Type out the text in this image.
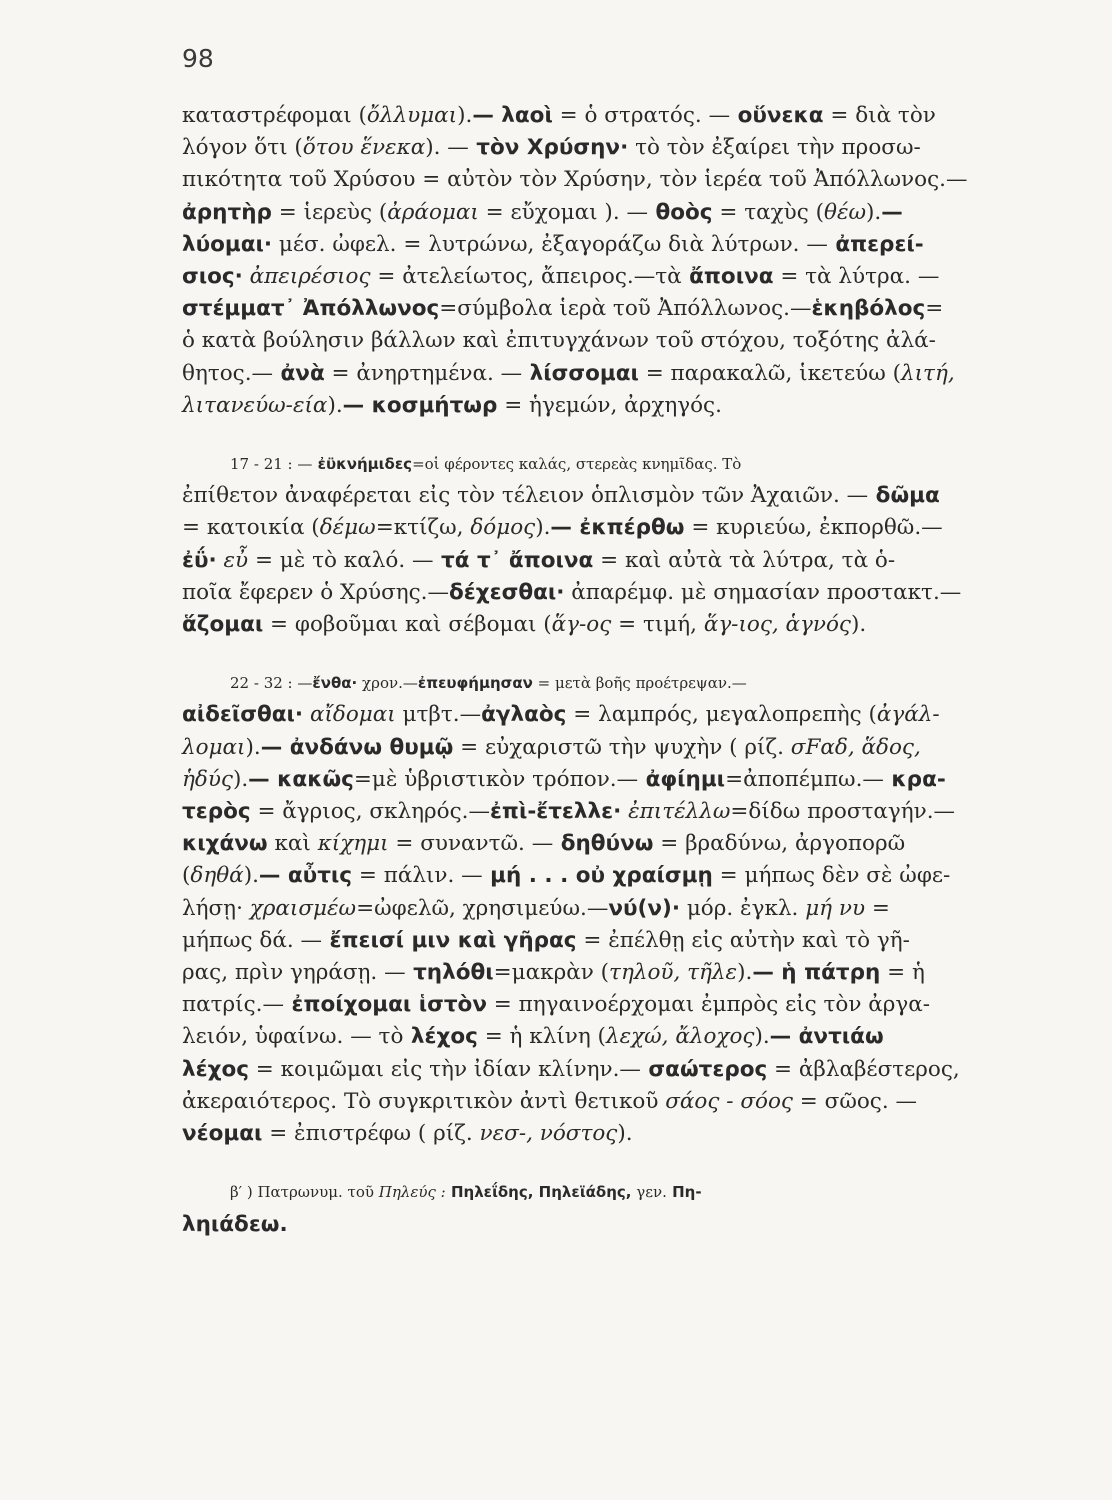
98

καταστρέφομαι (ὄλλυμαι).— λαοὶ = ὁ στρατός. — οὕνεκα = διὰ τὸν
λόγον ὅτι (ὅτου ἕνεκα). — τὸν Χρύσην· τὸ τὸν ἐξαίρει τὴν προσω-
πικότητα τοῦ Χρύσου = αὐτὸν τὸν Χρύσην, τὸν ἱερέα τοῦ Ἀπόλλωνος.—
ἀρητὴρ = ἱερεὺς (ἀράομαι = εὔχομαι ). — θοὸς = ταχὺς (θέω).—
λύομαι· μέσ. ὠφελ. = λυτρώνω, ἐξαγοράζω διὰ λύτρων. — ἀπερεί-
σιος· ἀπειρέσιος = ἀτελείωτος, ἄπειρος.—τὰ ἄποινα = τὰ λύτρα. —
στέμματ᾽ Ἀπόλλωνος=σύμβολα ἱερὰ τοῦ Ἀπόλλωνος.—ἑκηβόλος=
ὁ κατὰ βούλησιν βάλλων καὶ ἐπιτυγχάνων τοῦ στόχου, τοξότης ἀλά-
θητος.— ἀνὰ = ἀνηρτημένα. — λίσσομαι = παρακαλῶ, ἱκετεύω (λιτή,
λιτανεύω-εία).— κοσμήτωρ = ἡγεμών, ἀρχηγός.

17 - 21 : — ἐϋκνήμιδες=οἱ φέροντες καλάς, στερεὰς κνημῖδας. Τὸ
ἐπίθετον ἀναφέρεται εἰς τὸν τέλειον ὁπλισμὸν τῶν Ἀχαιῶν. — δῶμα
= κατοικία (δέμω=κτίζω, δόμος).— ἐκπέρθω = κυριεύω, ἐκπορθῶ.—
ἐΰ· εὖ = μὲ τὸ καλό. — τά τ᾽ ἄποινα = καὶ αὐτὰ τὰ λύτρα, τὰ ὁ-
ποῖα ἔφερεν ὁ Χρύσης.—δέχεσθαι· ἀπαρέμφ. μὲ σημασίαν προστακτ.—
ἅζομαι = φοβοῦμαι καὶ σέβομαι (ἅγ-ος = τιμή, ἅγ-ιος, ἁγνός).

22 - 32 : —ἔνθα· χρον.—ἐπευφήμησαν = μετὰ βοῆς προέτρεψαν.—
αἰδεῖσθαι· αἴδομαι μτβτ.—ἀγλαὸς = λαμπρός, μεγαλοπρεπὴς (ἀγάλ-
λομαι).— ἀνδάνω θυμῷ = εὐχαριστῶ τὴν ψυχὴν ( ρίζ. σFαδ, ἅδος,
ἡδύς).— κακῶς=μὲ ὑβριστικὸν τρόπον.— ἀφίημι=ἀποπέμπω.— κρα-
τερὸς = ἄγριος, σκληρός.—ἐπὶ-ἔτελλε· ἐπιτέλλω=δίδω προσταγήν.—
κιχάνω καὶ κίχημι = συναντῶ. — δηθύνω = βραδύνω, ἀργοπορῶ
(δηθά).— αὖτις = πάλιν. — μή . . . οὐ χραίσμῃ = μήπως δὲν σὲ ὠφε-
λήσῃ· χραισμέω=ὠφελῶ, χρησιμεύω.—νύ(ν)· μόρ. ἐγκλ. μή νυ =
μήπως δά. — ἔπεισί μιν καὶ γῆρας = ἐπέλθῃ εἰς αὐτὴν καὶ τὸ γῆ-
ρας, πρὶν γηράσῃ. — τηλόθι=μακρὰν (τηλοῦ, τῆλε).— ἡ πάτρη = ἡ
πατρίς.— ἐποίχομαι ἱστὸν = πηγαινοέρχομαι ἐμπρὸς εἰς τὸν ἀργα-
λειόν, ὑφαίνω. — τὸ λέχος = ἡ κλίνη (λεχώ, ἄλοχος).— ἀντιάω
λέχος = κοιμῶμαι εἰς τὴν ἰδίαν κλίνην.— σαώτερος = ἀβλαβέστερος,
ἀκεραιότερος. Τὸ συγκριτικὸν ἀντὶ θετικοῦ σάος - σόος = σῶος. —
νέομαι = ἐπιστρέφω ( ρίζ. νεσ-, νόστος).

β′ ) Πατρωνυμ. τοῦ Πηλεύς : Πηλεΐδης, Πηλεϊάδης, γεν. Πη-
ληιάδεω.
